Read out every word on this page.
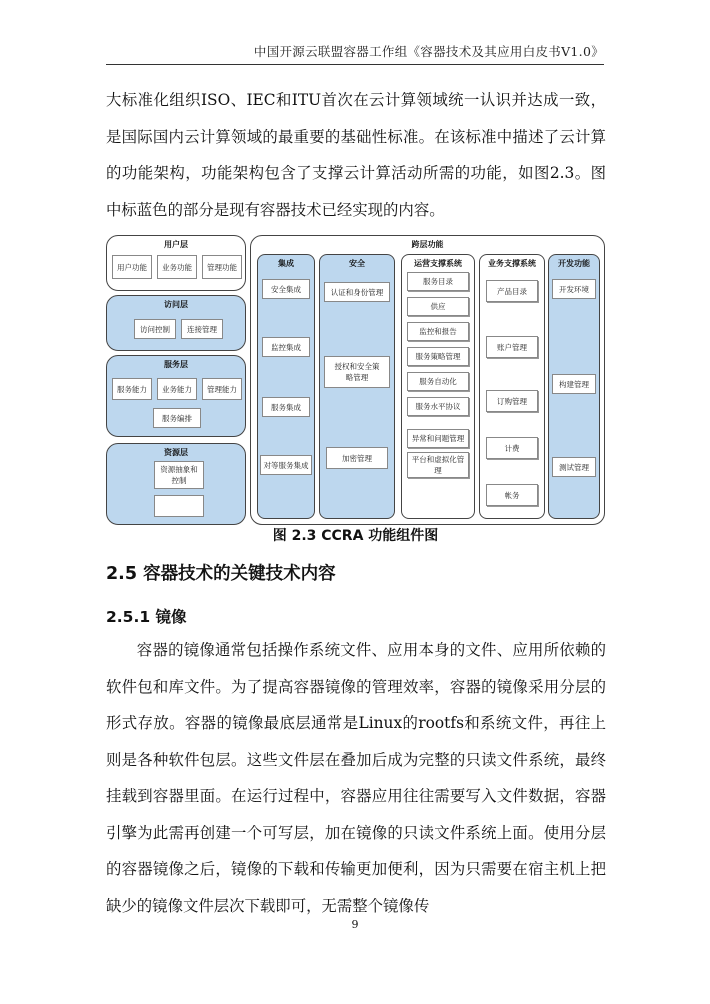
中国开源云联盟容器工作组《容器技术及其应用白皮书V1.0》

大标准化组织ISO、IEC和ITU首次在云计算领域统一认识并达成一致，是国际国内云计算领域的最重要的基础性标准。在该标准中描述了云计算的功能架构，功能架构包含了支撑云计算活动所需的功能，如图2.3。图中标蓝色的部分是现有容器技术已经实现的内容。

用户层
用户功能	业务功能	管理功能
访问层
访问控制	连接管理
服务层
服务能力	业务能力	管理能力
服务编排
资源层
资源抽象和控制
跨层功能
集成
安全集成
监控集成
服务集成
对等服务集成
安全
认证和身份管理
授权和安全策略管理
加密管理
运营支撑系统
服务目录
供应
监控和报告
服务策略管理
服务自动化
服务水平协议
异常和问题管理
平台和虚拟化管理
业务支撑系统
产品目录
账户管理
订购管理
计费
帐务
开发功能
开发环境
构建管理
测试管理
图 2.3 CCRA 功能组件图
2.5 容器技术的关键技术内容
2.5.1 镜像

容器的镜像通常包括操作系统文件、应用本身的文件、应用所依赖的软件包和库文件。为了提高容器镜像的管理效率，容器的镜像采用分层的形式存放。容器的镜像最底层通常是Linux的rootfs和系统文件，再往上则是各种软件包层。这些文件层在叠加后成为完整的只读文件系统，最终挂载到容器里面。在运行过程中，容器应用往往需要写入文件数据，容器引擎为此需再创建一个可写层，加在镜像的只读文件系统上面。使用分层的容器镜像之后，镜像的下载和传输更加便利，因为只需要在宿主机上把缺少的镜像文件层次下载即可，无需整个镜像传

9
